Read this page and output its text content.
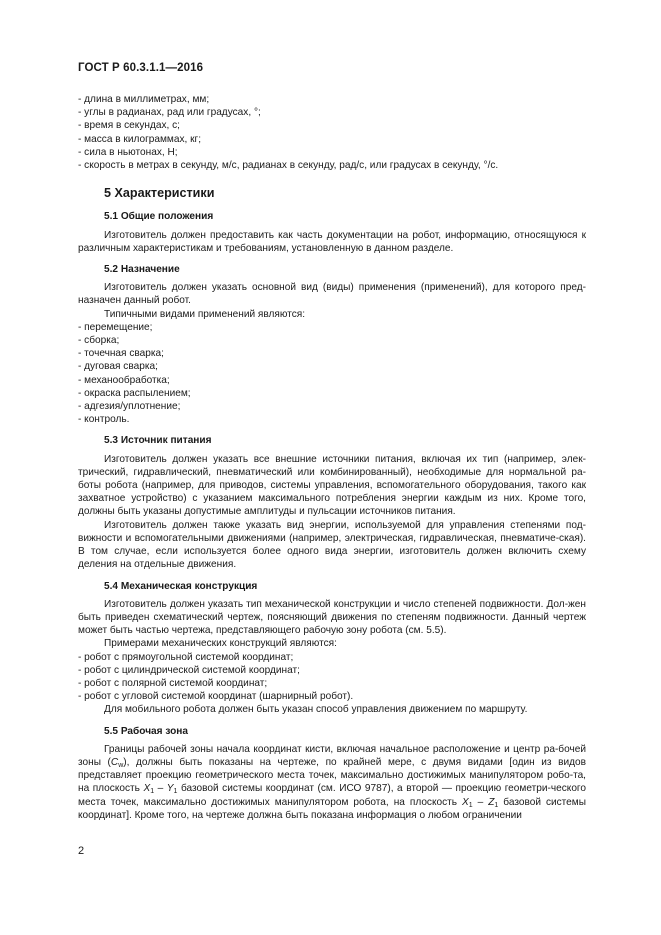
ГОСТ Р 60.3.1.1—2016
- длина в миллиметрах, мм;
- углы в радианах, рад или градусах, °;
- время в секундах, с;
- масса в килограммах, кг;
- сила в ньютонах, Н;
- скорость в метрах в секунду, м/с, радианах в секунду, рад/с, или градусах в секунду, °/с.
5 Характеристики
5.1 Общие положения

Изготовитель должен предоставить как часть документации на робот, информацию, относящуюся к различным характеристикам и требованиям, установленную в данном разделе.

5.2 Назначение

Изготовитель должен указать основной вид (виды) применения (применений), для которого пред-назначен данный робот.

Типичными видами применений являются:

- перемещение;
- сборка;
- точечная сварка;
- дуговая сварка;
- механообработка;
- окраска распылением;
- адгезия/уплотнение;
- контроль.
5.3 Источник питания

Изготовитель должен указать все внешние источники питания, включая их тип (например, элек-трический, гидравлический, пневматический или комбинированный), необходимые для нормальной ра-боты робота (например, для приводов, системы управления, вспомогательного оборудования, такого как захватное устройство) с указанием максимального потребления энергии каждым из них. Кроме того, должны быть указаны допустимые амплитуды и пульсации источников питания.

Изготовитель должен также указать вид энергии, используемой для управления степенями под-вижности и вспомогательными движениями (например, электрическая, гидравлическая, пневматиче-ская). В том случае, если используется более одного вида энергии, изготовитель должен включить схему деления на отдельные движения.

5.4 Механическая конструкция

Изготовитель должен указать тип механической конструкции и число степеней подвижности. Дол-жен быть приведен схематический чертеж, поясняющий движения по степеням подвижности. Данный чертеж может быть частью чертежа, представляющего рабочую зону робота (см. 5.5).

Примерами механических конструкций являются:

- робот с прямоугольной системой координат;
- робот с цилиндрической системой координат;
- робот с полярной системой координат;
- робот с угловой системой координат (шарнирный робот).

Для мобильного робота должен быть указан способ управления движением по маршруту.

5.5 Рабочая зона

Границы рабочей зоны начала координат кисти, включая начальное расположение и центр ра-бочей зоны $(C_w)$, должны быть показаны на чертеже, по крайней мере, с двумя видами [один из видов представляет проекцию геометрического места точек, максимально достижимых манипулятором робо-та, на плоскость $X_1 - Y_1$ базовой системы координат (см. ИСО 9787), а второй — проекцию геометри-ческого места точек, максимально достижимых манипулятором робота, на плоскость $X_1 - Z_1$ базовой системы координат]. Кроме того, на чертеже должна быть показана информация о любом ограничении

2
